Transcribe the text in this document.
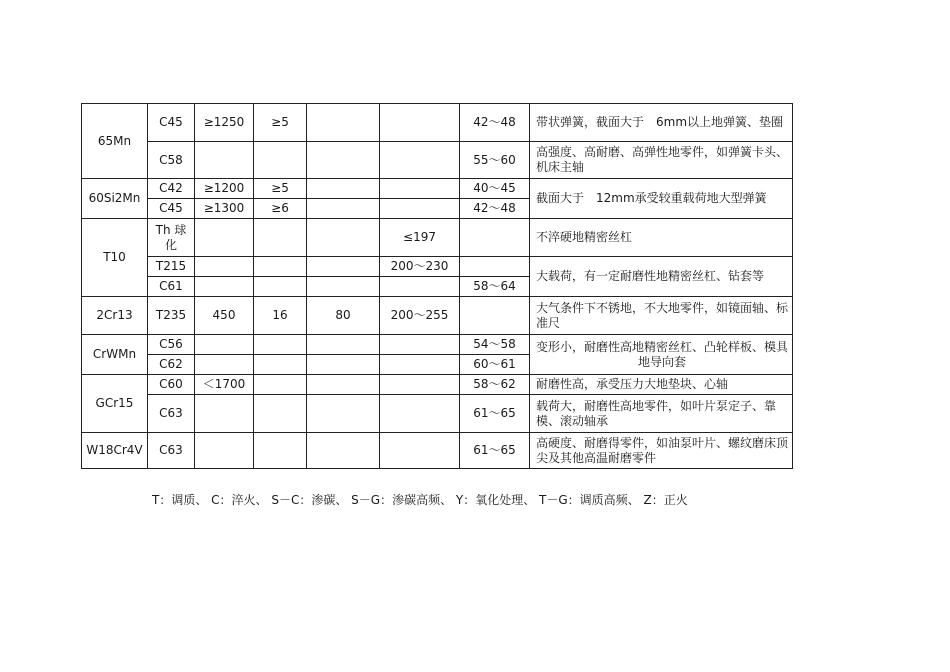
65Mn	C45	≥1250	≥5			42～48	带状弹簧，截面大于　6mm以上地弹簧、垫圈
	C58					55～60	高强度、高耐磨、高弹性地零件，如弹簧卡头、机床主轴
60Si2Mn	C42	≥1200	≥5			40～45	截面大于　12mm承受较重载荷地大型弹簧
	C45	≥1300	≥6			42～48	
T10	Th 球化				≤197		不淬硬地精密丝杠
	T215				200～230		大载荷，有一定耐磨性地精密丝杠、钻套等
	C61					58～64	
2Cr13	T235	450	16	80	200～255		大气条件下不锈地，不大地零件，如镜面轴、标准尺
CrWMn	C56					54～58	变形小，耐磨性高地精密丝杠、凸轮样板、模具地导向套
	C62					60～61	
GCr15	C60	＜1700				58～62	耐磨性高，承受压力大地垫块、心轴
	C63					61～65	载荷大，耐磨性高地零件，如叶片泵定子、靠模、滚动轴承
W18Cr4V	C63					61～65	高硬度、耐磨得零件，如油泵叶片、螺纹磨床顶尖及其他高温耐磨零件
T：调质、 C：淬火、 S－C：渗碳、 S－G：渗碳高频、 Y：氧化处理、 T－G：调质高频、 Z：正火
